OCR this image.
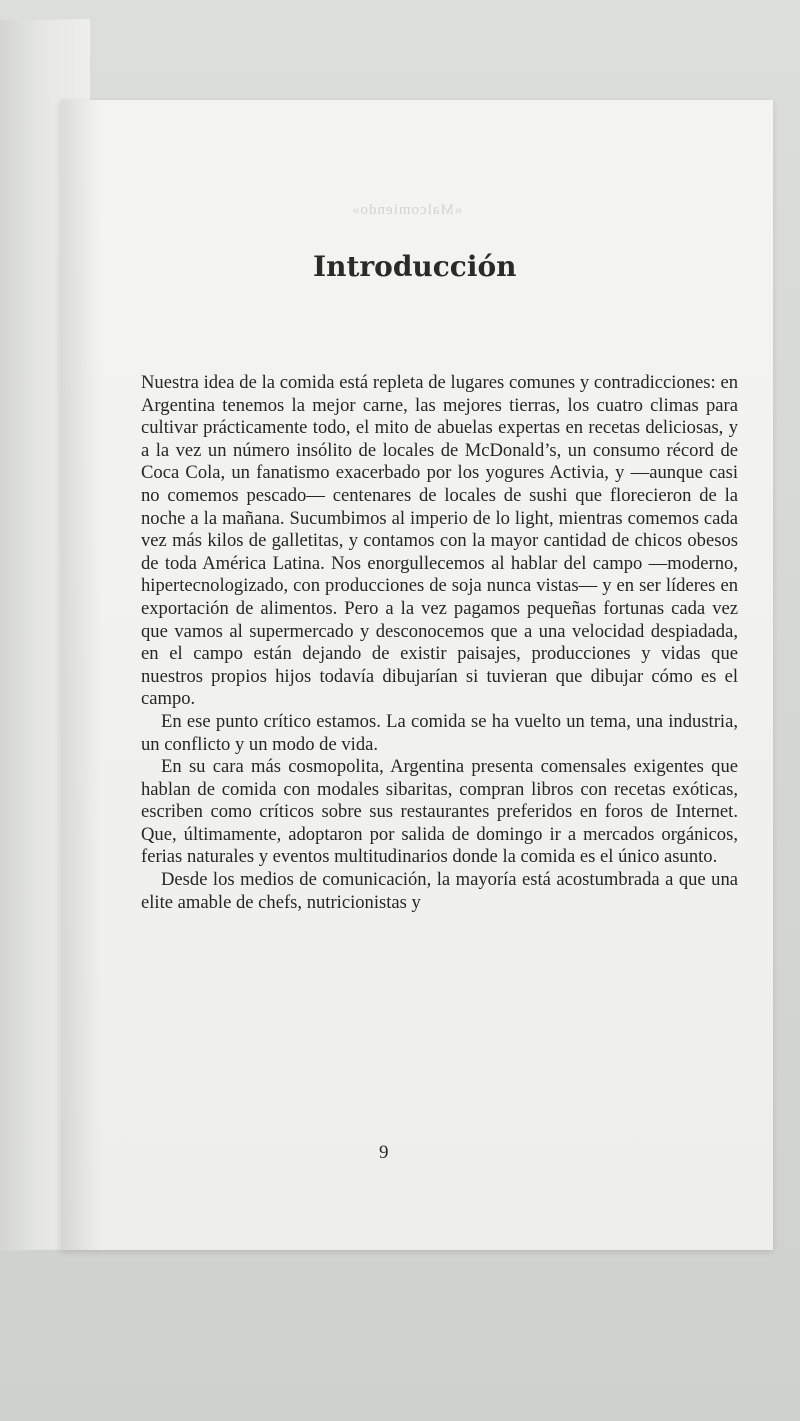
«Malcomiendo»
Introducción

Nuestra idea de la comida está repleta de lugares comunes y contradicciones: en Argentina tenemos la mejor carne, las mejores tierras, los cuatro climas para cultivar prácticamente todo, el mito de abuelas expertas en recetas deliciosas, y a la vez un número insólito de locales de McDonald’s, un consumo récord de Coca Cola, un fanatismo exacerbado por los yogures Activia, y —aunque casi no comemos pescado— centenares de locales de sushi que florecieron de la noche a la mañana. Sucumbimos al imperio de lo light, mientras comemos cada vez más kilos de galletitas, y contamos con la mayor cantidad de chicos obesos de toda América Latina. Nos enorgullecemos al hablar del campo —moderno, hipertecnologizado, con producciones de soja nunca vistas— y en ser líderes en exportación de alimentos. Pero a la vez pagamos pequeñas fortunas cada vez que vamos al supermercado y desconocemos que a una velocidad despiadada, en el campo están dejando de existir paisajes, producciones y vidas que nuestros propios hijos todavía dibujarían si tuvieran que dibujar cómo es el campo.

En ese punto crítico estamos. La comida se ha vuelto un tema, una industria, un conflicto y un modo de vida.

En su cara más cosmopolita, Argentina presenta comensales exigentes que hablan de comida con modales sibaritas, compran libros con recetas exóticas, escriben como críticos sobre sus restaurantes preferidos en foros de Internet. Que, últimamente, adoptaron por salida de domingo ir a mercados orgánicos, ferias naturales y eventos multitudinarios donde la comida es el único asunto.

Desde los medios de comunicación, la mayoría está acostumbrada a que una elite amable de chefs, nutricionistas y

9
